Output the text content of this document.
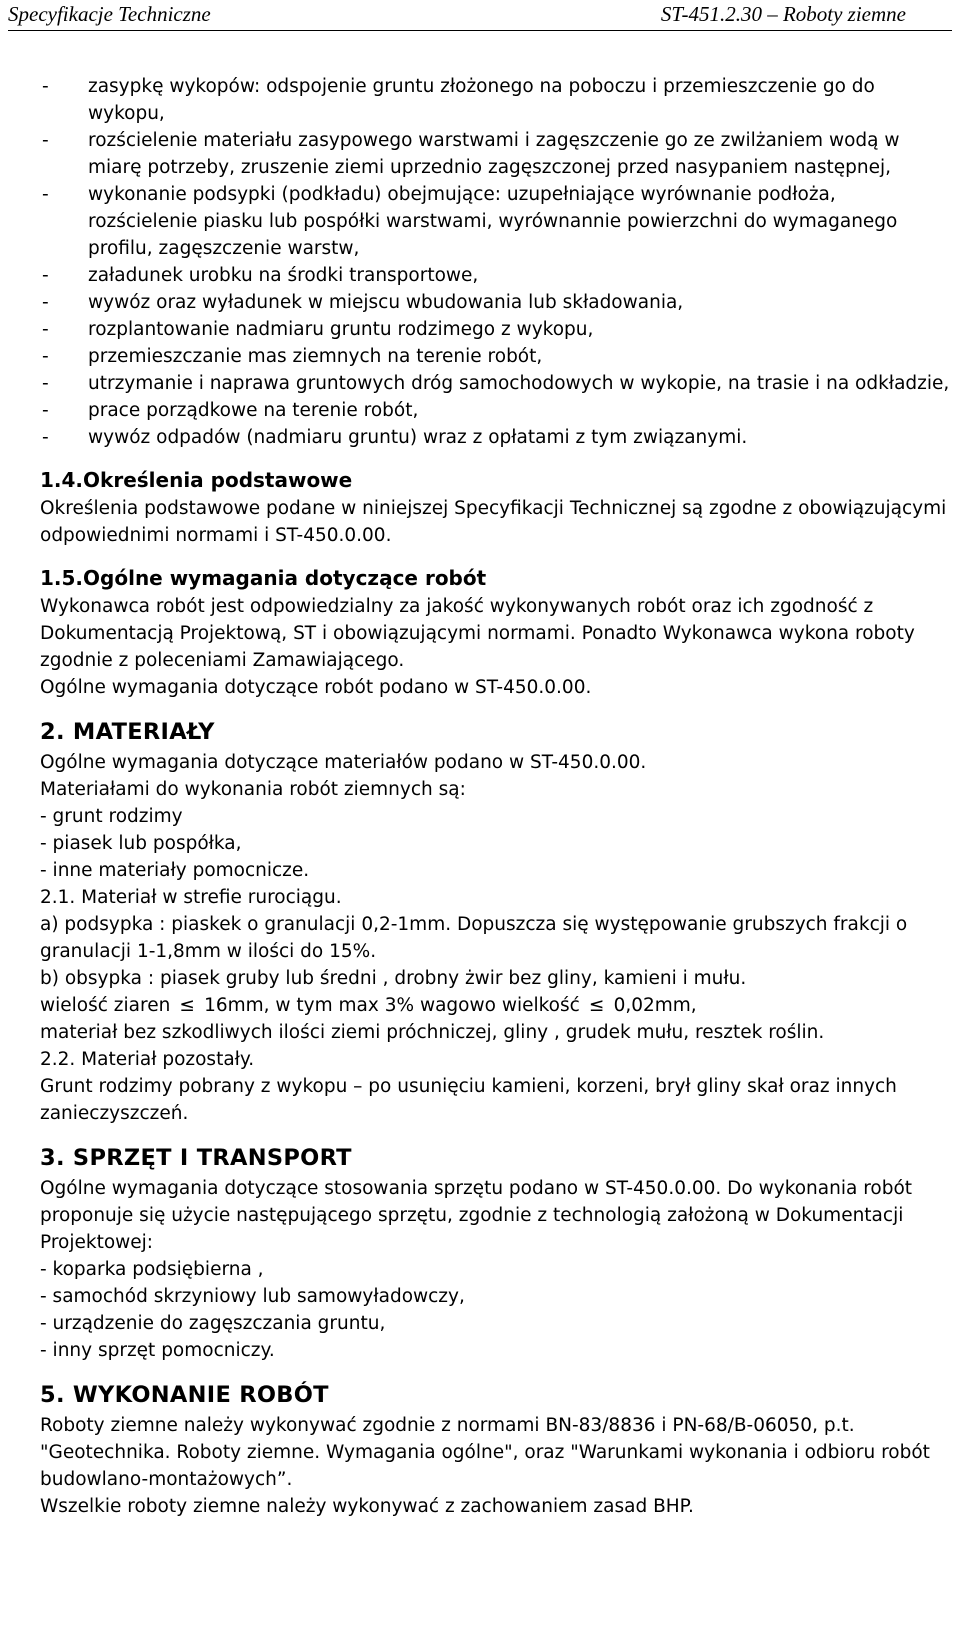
Specyfikacje Techniczne	ST-451.2.30 – Roboty ziemne
- zasypkę wykopów: odspojenie gruntu złożonego na poboczu i przemieszczenie go do wykopu,
- rozścielenie materiału zasypowego warstwami i zagęszczenie go ze zwilżaniem wodą w miarę potrzeby, zruszenie ziemi uprzednio zagęszczonej przed nasypaniem następnej,
- wykonanie podsypki (podkładu) obejmujące: uzupełniające wyrównanie podłoża, rozścielenie piasku lub pospółki warstwami, wyrównannie powierzchni do wymaganego profilu, zagęszczenie warstw,
- załadunek urobku na środki transportowe,
- wywóz oraz wyładunek w miejscu wbudowania lub składowania,
- rozplantowanie nadmiaru gruntu rodzimego z wykopu,
- przemieszczanie mas ziemnych na terenie robót,
- utrzymanie i naprawa gruntowych dróg samochodowych w wykopie, na trasie i na odkładzie,
- prace porządkowe na terenie robót,
- wywóz odpadów (nadmiaru gruntu) wraz z opłatami z tym związanymi.
1.4.Określenia podstawowe

Określenia podstawowe podane w niniejszej Specyfikacji Technicznej są zgodne z obowiązującymi odpowiednimi normami i ST-450.0.00.

1.5.Ogólne wymagania dotyczące robót

Wykonawca robót jest odpowiedzialny za jakość wykonywanych robót oraz ich zgodność z Dokumentacją Projektową, ST i obowiązującymi normami. Ponadto Wykonawca wykona roboty zgodnie z poleceniami Zamawiającego.

Ogólne wymagania dotyczące robót podano w ST-450.0.00.

2. MATERIAŁY

Ogólne wymagania dotyczące materiałów podano w ST-450.0.00.

Materiałami do wykonania robót ziemnych są:

- grunt rodzimy

- piasek lub pospółka,

- inne materiały pomocnicze.

2.1. Materiał w strefie rurociągu.

a) podsypka : piaskek o granulacji 0,2-1mm. Dopuszcza się występowanie grubszych frakcji o granulacji 1-1,8mm w ilości do 15%.

b) obsypka : piasek gruby lub średni , drobny żwir bez gliny, kamieni i mułu.

wielość ziaren ≤ 16mm, w tym max 3% wagowo wielkość ≤ 0,02mm,

materiał bez szkodliwych ilości ziemi próchniczej, gliny , grudek mułu, resztek roślin.

2.2. Materiał pozostały.

Grunt rodzimy pobrany z wykopu – po usunięciu kamieni, korzeni, brył gliny skał oraz innych zanieczyszczeń.

3. SPRZĘT I TRANSPORT

Ogólne wymagania dotyczące stosowania sprzętu podano w ST-450.0.00. Do wykonania robót proponuje się użycie następującego sprzętu, zgodnie z technologią założoną w Dokumentacji Projektowej:

- koparka podsiębierna ,

- samochód skrzyniowy lub samowyładowczy,

- urządzenie do zagęszczania gruntu,

- inny sprzęt pomocniczy.

5. WYKONANIE ROBÓT

Roboty ziemne należy wykonywać zgodnie z normami BN-83/8836 i PN-68/B-06050, p.t. "Geotechnika. Roboty ziemne. Wymagania ogólne", oraz "Warunkami wykonania i odbioru robót budowlano-montażowych”.

Wszelkie roboty ziemne należy wykonywać z zachowaniem zasad BHP.
